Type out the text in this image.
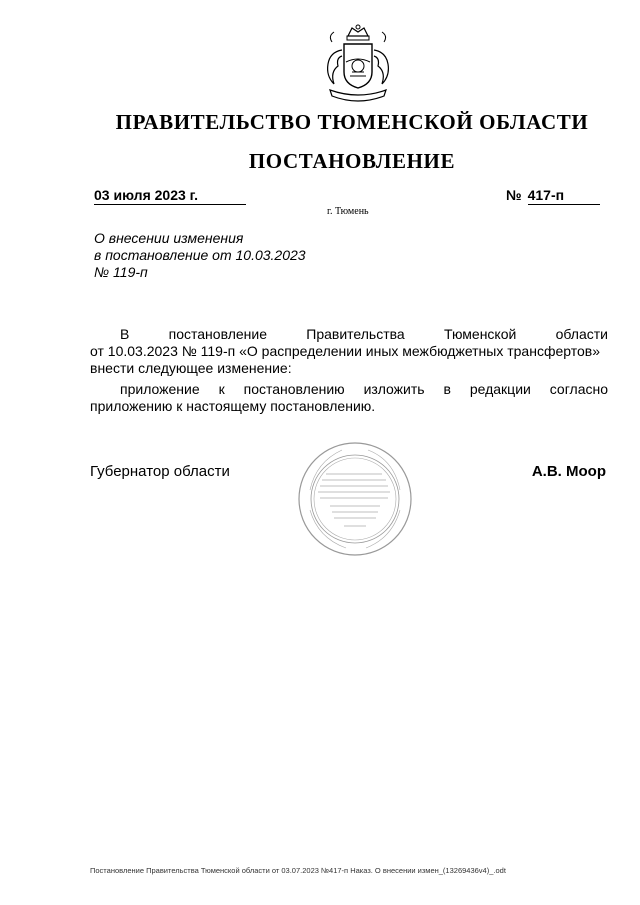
ПРАВИТЕЛЬСТВО ТЮМЕНСКОЙ ОБЛАСТИ
ПОСТАНОВЛЕНИЕ
03 июля 2023 г.	№ 417-п
г. Тюмень
О внесении изменения
в постановление от 10.03.2023
№ 119-п
В постановление Правительства Тюменской области
от 10.03.2023 № 119-п «О распределении иных межбюджетных трансфертов»
внести следующее изменение:
приложение к постановлению изложить в редакции согласно
приложению к настоящему постановлению.
Губернатор области	А.В. Моор
Постановление Правительства Тюменской области от 03.07.2023 №417-п Наказ. О внесении измен_(13269436v4)_.odt
